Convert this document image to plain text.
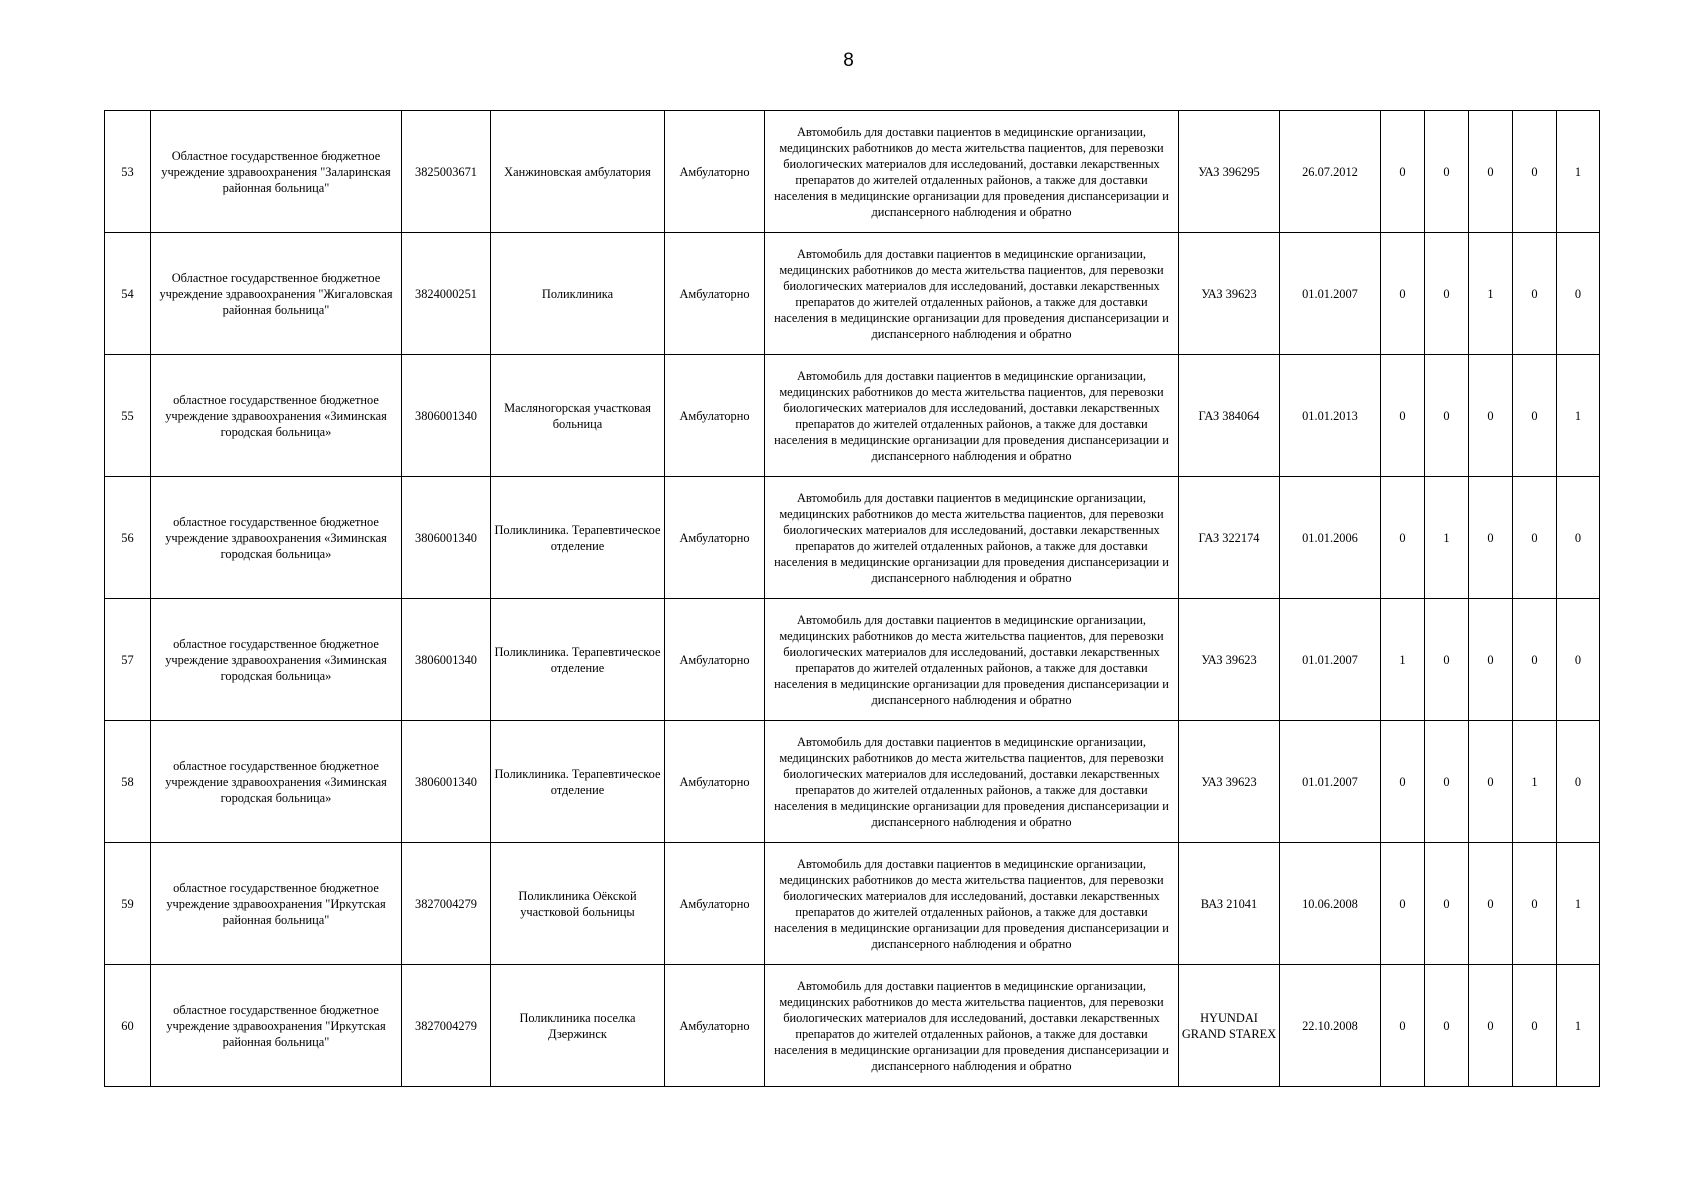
8
53	Областное государственное бюджетное учреждение здравоохранения "Заларинская районная больница"	3825003671	Ханжиновская амбулатория	Амбулаторно	Автомобиль для доставки пациентов в медицинские организации, медицинских работников до места жительства пациентов, для перевозки биологических материалов для исследований, доставки лекарственных препаратов до жителей отдаленных районов, а также для доставки населения в медицинские организации для проведения диспансеризации и диспансерного наблюдения и обратно	УАЗ 396295	26.07.2012	0	0	0	0	1
54	Областное государственное бюджетное учреждение здравоохранения "Жигаловская районная больница"	3824000251	Поликлиника	Амбулаторно	Автомобиль для доставки пациентов в медицинские организации, медицинских работников до места жительства пациентов, для перевозки биологических материалов для исследований, доставки лекарственных препаратов до жителей отдаленных районов, а также для доставки населения в медицинские организации для проведения диспансеризации и диспансерного наблюдения и обратно	УАЗ 39623	01.01.2007	0	0	1	0	0
55	областное государственное бюджетное учреждение здравоохранения «Зиминская городская больница»	3806001340	Масляногорская участковая больница	Амбулаторно	Автомобиль для доставки пациентов в медицинские организации, медицинских работников до места жительства пациентов, для перевозки биологических материалов для исследований, доставки лекарственных препаратов до жителей отдаленных районов, а также для доставки населения в медицинские организации для проведения диспансеризации и диспансерного наблюдения и обратно	ГАЗ 384064	01.01.2013	0	0	0	0	1
56	областное государственное бюджетное учреждение здравоохранения «Зиминская городская больница»	3806001340	Поликлиника. Терапевтическое отделение	Амбулаторно	Автомобиль для доставки пациентов в медицинские организации, медицинских работников до места жительства пациентов, для перевозки биологических материалов для исследований, доставки лекарственных препаратов до жителей отдаленных районов, а также для доставки населения в медицинские организации для проведения диспансеризации и диспансерного наблюдения и обратно	ГАЗ 322174	01.01.2006	0	1	0	0	0
57	областное государственное бюджетное учреждение здравоохранения «Зиминская городская больница»	3806001340	Поликлиника. Терапевтическое отделение	Амбулаторно	Автомобиль для доставки пациентов в медицинские организации, медицинских работников до места жительства пациентов, для перевозки биологических материалов для исследований, доставки лекарственных препаратов до жителей отдаленных районов, а также для доставки населения в медицинские организации для проведения диспансеризации и диспансерного наблюдения и обратно	УАЗ 39623	01.01.2007	1	0	0	0	0
58	областное государственное бюджетное учреждение здравоохранения «Зиминская городская больница»	3806001340	Поликлиника. Терапевтическое отделение	Амбулаторно	Автомобиль для доставки пациентов в медицинские организации, медицинских работников до места жительства пациентов, для перевозки биологических материалов для исследований, доставки лекарственных препаратов до жителей отдаленных районов, а также для доставки населения в медицинские организации для проведения диспансеризации и диспансерного наблюдения и обратно	УАЗ 39623	01.01.2007	0	0	0	1	0
59	областное государственное бюджетное учреждение здравоохранения "Иркутская районная больница"	3827004279	Поликлиника Оёкской участковой больницы	Амбулаторно	Автомобиль для доставки пациентов в медицинские организации, медицинских работников до места жительства пациентов, для перевозки биологических материалов для исследований, доставки лекарственных препаратов до жителей отдаленных районов, а также для доставки населения в медицинские организации для проведения диспансеризации и диспансерного наблюдения и обратно	ВАЗ 21041	10.06.2008	0	0	0	0	1
60	областное государственное бюджетное учреждение здравоохранения "Иркутская районная больница"	3827004279	Поликлиника поселка Дзержинск	Амбулаторно	Автомобиль для доставки пациентов в медицинские организации, медицинских работников до места жительства пациентов, для перевозки биологических материалов для исследований, доставки лекарственных препаратов до жителей отдаленных районов, а также для доставки населения в медицинские организации для проведения диспансеризации и диспансерного наблюдения и обратно	HYUNDAI GRAND STAREX	22.10.2008	0	0	0	0	1
